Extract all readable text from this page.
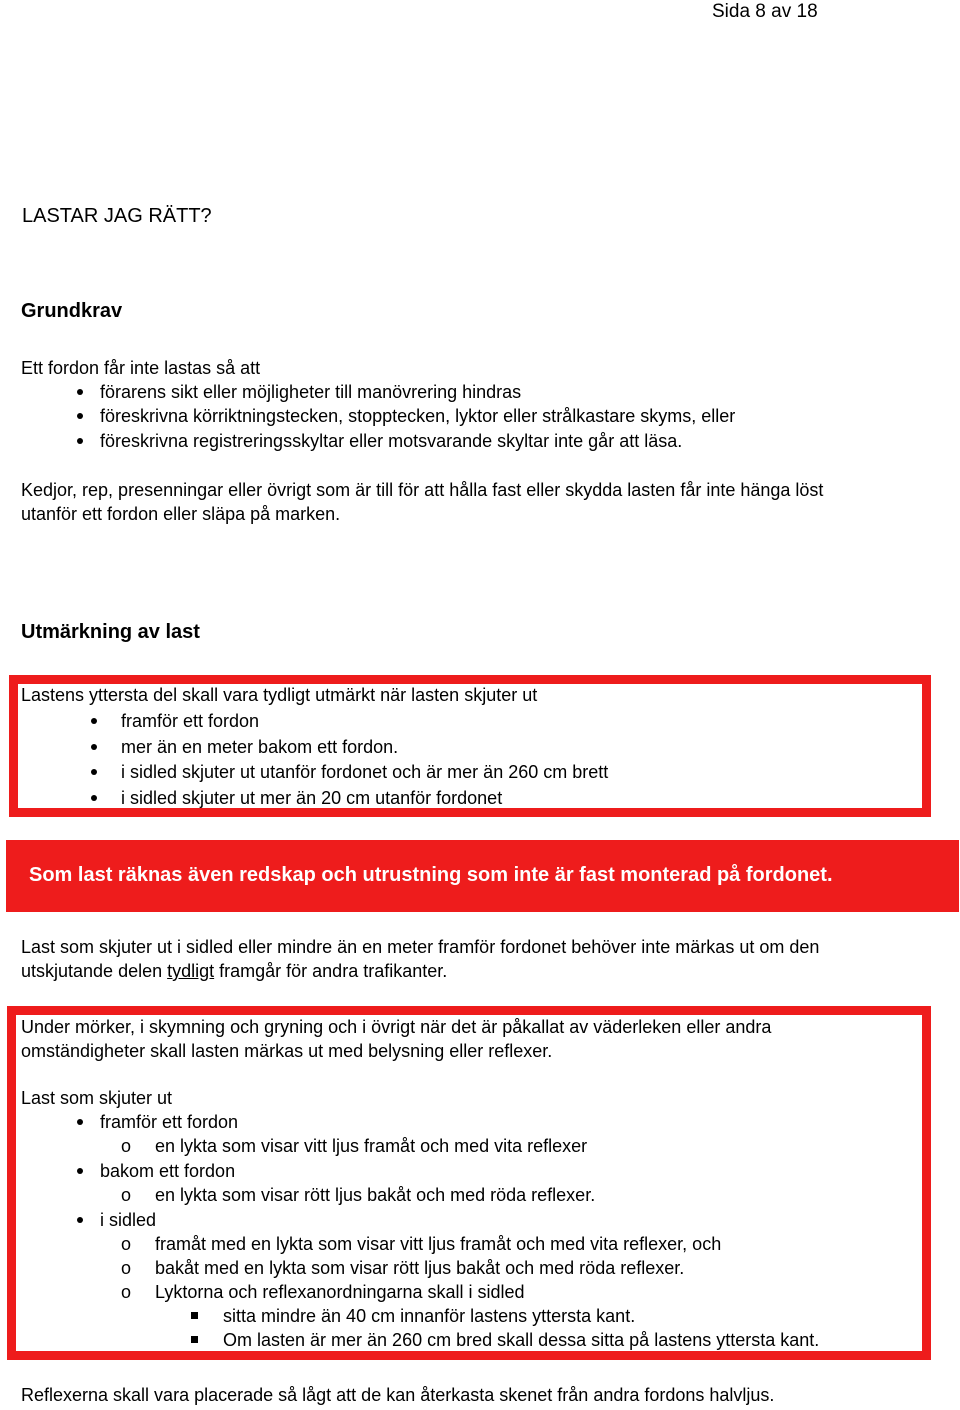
Sida 8 av 18
LASTAR JAG RÄTT?
Grundkrav
Ett fordon får inte lastas så att
förarens sikt eller möjligheter till manövrering hindras
föreskrivna körriktningstecken, stopptecken, lyktor eller strålkastare skyms, eller
föreskrivna registreringsskyltar eller motsvarande skyltar inte går att läsa.
Kedjor, rep, presenningar eller övrigt som är till för att hålla fast eller skydda lasten får inte hänga löst
utanför ett fordon eller släpa på marken.
Utmärkning av last
Lastens yttersta del skall vara tydligt utmärkt när lasten skjuter ut
framför ett fordon
mer än en meter bakom ett fordon.
i sidled skjuter ut utanför fordonet och är mer än 260 cm brett
i sidled skjuter ut mer än 20 cm utanför fordonet
Som last räknas även redskap och utrustning som inte är fast monterad på fordonet.
Last som skjuter ut i sidled eller mindre än en meter framför fordonet behöver inte märkas ut om den
utskjutande delen tydligt framgår för andra trafikanter.
Under mörker, i skymning och gryning och i övrigt när det är påkallat av väderleken eller andra
omständigheter skall lasten märkas ut med belysning eller reflexer.
Last som skjuter ut
framför ett fordon
o en lykta som visar vitt ljus framåt och med vita reflexer
bakom ett fordon
o en lykta som visar rött ljus bakåt och med röda reflexer.
i sidled
o framåt med en lykta som visar vitt ljus framåt och med vita reflexer, och
o bakåt med en lykta som visar rött ljus bakåt och med röda reflexer.
o Lyktorna och reflexanordningarna skall i sidled
sitta mindre än 40 cm innanför lastens yttersta kant.
Om lasten är mer än 260 cm bred skall dessa sitta på lastens yttersta kant.
Reflexerna skall vara placerade så lågt att de kan återkasta skenet från andra fordons halvljus.
